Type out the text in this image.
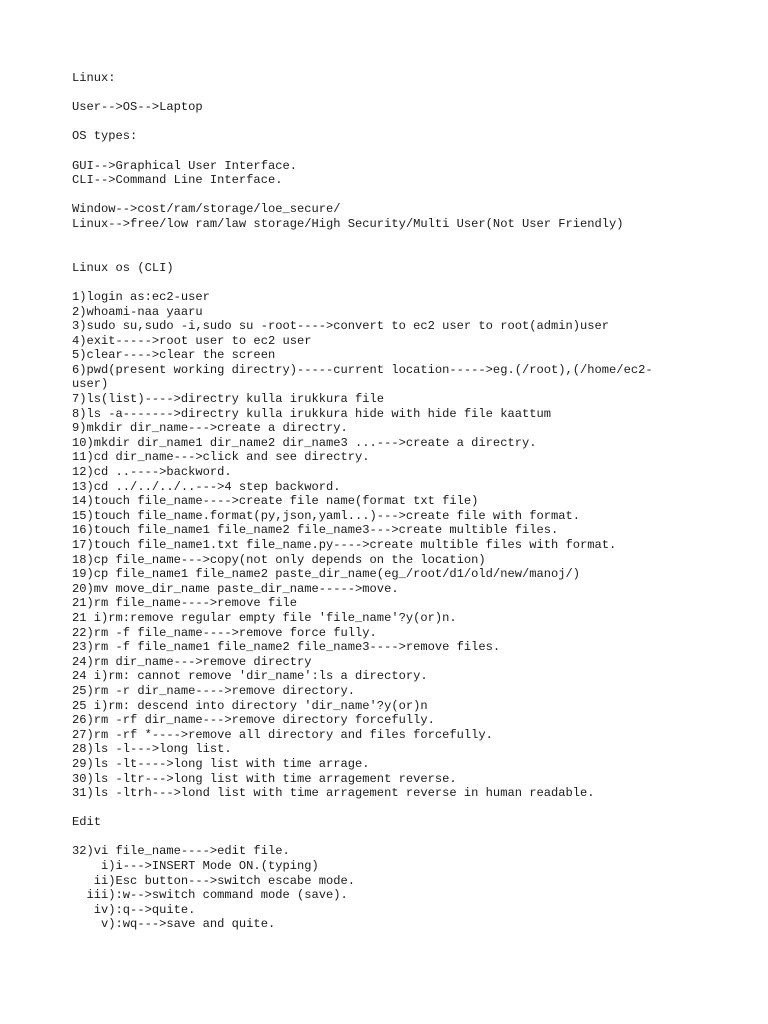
Linux:
User-->OS-->Laptop
OS types:
GUI-->Graphical User Interface.
CLI-->Command Line Interface.
Window-->cost/ram/storage/loe_secure/
Linux-->free/low ram/law storage/High Security/Multi User(Not User Friendly)
Linux os (CLI)
1)login as:ec2-user
2)whoami-naa yaaru
3)sudo su,sudo -i,sudo su -root---->convert to ec2 user to root(admin)user
4)exit----->root user to ec2 user
5)clear---->clear the screen
6)pwd(present working directry)-----current location----->eg.(/root),(/home/ec2-
user)
7)ls(list)---->directry kulla irukkura file
8)ls -a------->directry kulla irukkura hide with hide file kaattum
9)mkdir dir_name--->create a directry.
10)mkdir dir_name1 dir_name2 dir_name3 ...--->create a directry.
11)cd dir_name--->click and see directry.
12)cd ..---->backword.
13)cd ../../../..--->4 step backword.
14)touch file_name---->create file name(format txt file)
15)touch file_name.format(py,json,yaml...)--->create file with format.
16)touch file_name1 file_name2 file_name3--->create multible files.
17)touch file_name1.txt file_name.py---->create multible files with format.
18)cp file_name--->copy(not only depends on the location)
19)cp file_name1 file_name2 paste_dir_name(eg_/root/d1/old/new/manoj/)
20)mv move_dir_name paste_dir_name----->move.
21)rm file_name---->remove file
21 i)rm:remove regular empty file 'file_name'?y(or)n.
22)rm -f file_name---->remove force fully.
23)rm -f file_name1 file_name2 file_name3---->remove files.
24)rm dir_name--->remove directry
24 i)rm: cannot remove 'dir_name':ls a directory.
25)rm -r dir_name---->remove directory.
25 i)rm: descend into directory 'dir_name'?y(or)n
26)rm -rf dir_name--->remove directory forcefully.
27)rm -rf *---->remove all directory and files forcefully.
28)ls -l--->long list.
29)ls -lt---->long list with time arrage.
30)ls -ltr--->long list with time arragement reverse.
31)ls -ltrh--->lond list with time arragement reverse in human readable.
Edit
32)vi file_name---->edit file.
i)i--->INSERT Mode ON.(typing)
ii)Esc button--->switch escabe mode.
iii):w-->switch command mode (save).
iv):q-->quite.
v):wq--->save and quite.
